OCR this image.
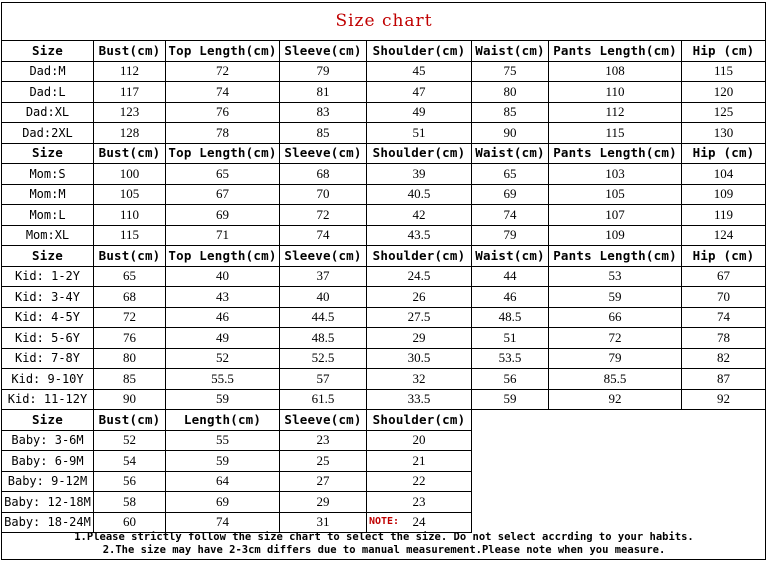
Size chart
Size	Bust(cm)	Top Length(cm)	Sleeve(cm)	Shoulder(cm)	Waist(cm)	Pants Length(cm)	Hip (cm)
Dad:M	112	72	79	45	75	108	115
Dad:L	117	74	81	47	80	110	120
Dad:XL	123	76	83	49	85	112	125
Dad:2XL	128	78	85	51	90	115	130
Size	Bust(cm)	Top Length(cm)	Sleeve(cm)	Shoulder(cm)	Waist(cm)	Pants Length(cm)	Hip (cm)
Mom:S	100	65	68	39	65	103	104
Mom:M	105	67	70	40.5	69	105	109
Mom:L	110	69	72	42	74	107	119
Mom:XL	115	71	74	43.5	79	109	124
Size	Bust(cm)	Top Length(cm)	Sleeve(cm)	Shoulder(cm)	Waist(cm)	Pants Length(cm)	Hip (cm)
Kid: 1-2Y	65	40	37	24.5	44	53	67
Kid: 3-4Y	68	43	40	26	46	59	70
Kid: 4-5Y	72	46	44.5	27.5	48.5	66	74
Kid: 5-6Y	76	49	48.5	29	51	72	78
Kid: 7-8Y	80	52	52.5	30.5	53.5	79	82
Kid: 9-10Y	85	55.5	57	32	56	85.5	87
Kid: 11-12Y	90	59	61.5	33.5	59	92	92
Size	Bust(cm)	Length(cm)	Sleeve(cm)	Shoulder(cm)			
Baby: 3-6M	52	55	23	20			
Baby: 6-9M	54	59	25	21			
Baby: 9-12M	56	64	27	22			
Baby: 12-18M	58	69	29	23			
Baby: 18-24M	60	74	31	24			
NOTE:
1.Please strictly follow the size chart to select the size. Do not select accrding to your habits.
2.The size may have 2-3cm differs due to manual measurement.Please note when you measure.
